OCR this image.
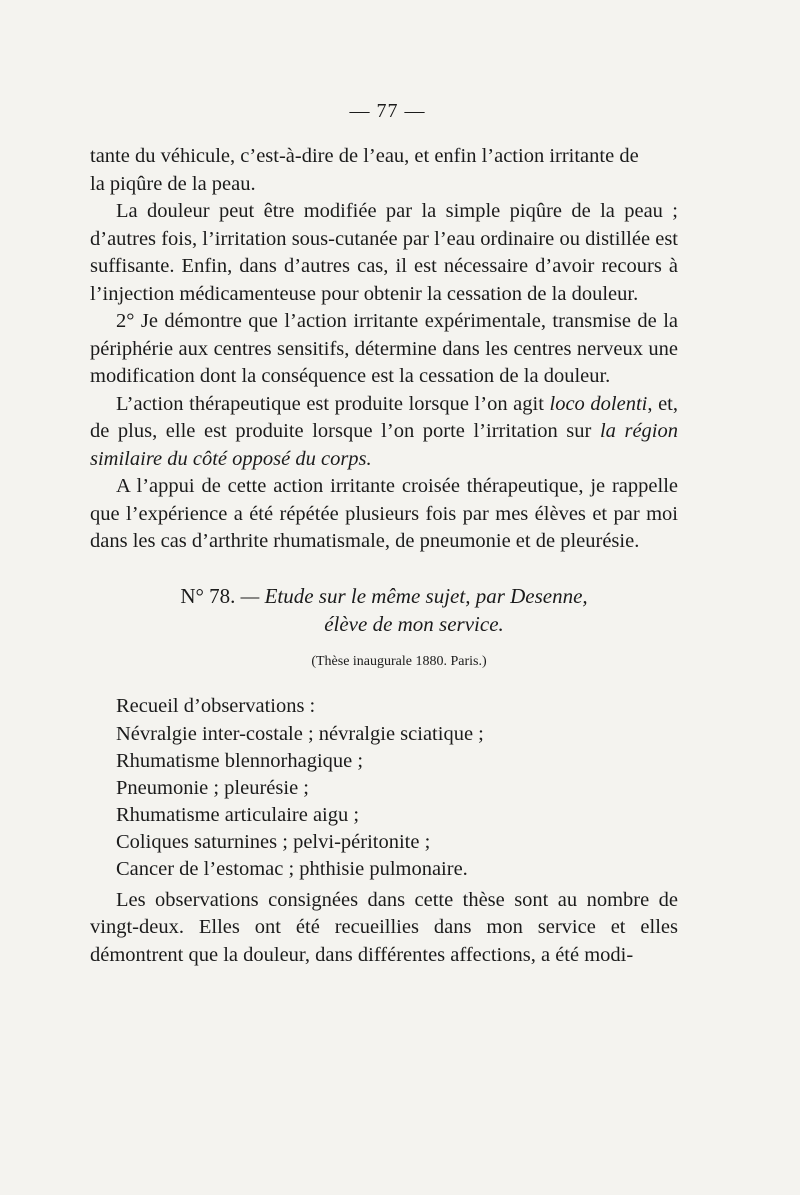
— 77 —

tante du véhicule, c’est-à-dire de l’eau, et enfin l’action irritante de
la piqûre de la peau.

La douleur peut être modifiée par la simple piqûre de la peau ; d’autres fois, l’irritation sous-cutanée par l’eau ordinaire ou distillée est suffisante. Enfin, dans d’autres cas, il est nécessaire d’avoir recours à l’injection médicamenteuse pour obtenir la cessation de la douleur.

2° Je démontre que l’action irritante expérimentale, transmise de la périphérie aux centres sensitifs, détermine dans les centres nerveux une modification dont la conséquence est la cessation de la douleur.

L’action thérapeutique est produite lorsque l’on agit loco dolenti, et, de plus, elle est produite lorsque l’on porte l’irritation sur la région similaire du côté opposé du corps.

A l’appui de cette action irritante croisée thérapeutique, je rappelle que l’expérience a été répétée plusieurs fois par mes élèves et par moi dans les cas d’arthrite rhumatismale, de pneumonie et de pleurésie.

N° 78. — Etude sur le même sujet, par Desenne,
élève de mon service.
(Thèse inaugurale 1880. Paris.)

Recueil d’observations :

Névralgie inter-costale ; névralgie sciatique ;
Rhumatisme blennorhagique ;
Pneumonie ; pleurésie ;
Rhumatisme articulaire aigu ;
Coliques saturnines ; pelvi-péritonite ;
Cancer de l’estomac ; phthisie pulmonaire.

Les observations consignées dans cette thèse sont au nombre de vingt-deux. Elles ont été recueillies dans mon service et elles démontrent que la douleur, dans différentes affections, a été modi-
